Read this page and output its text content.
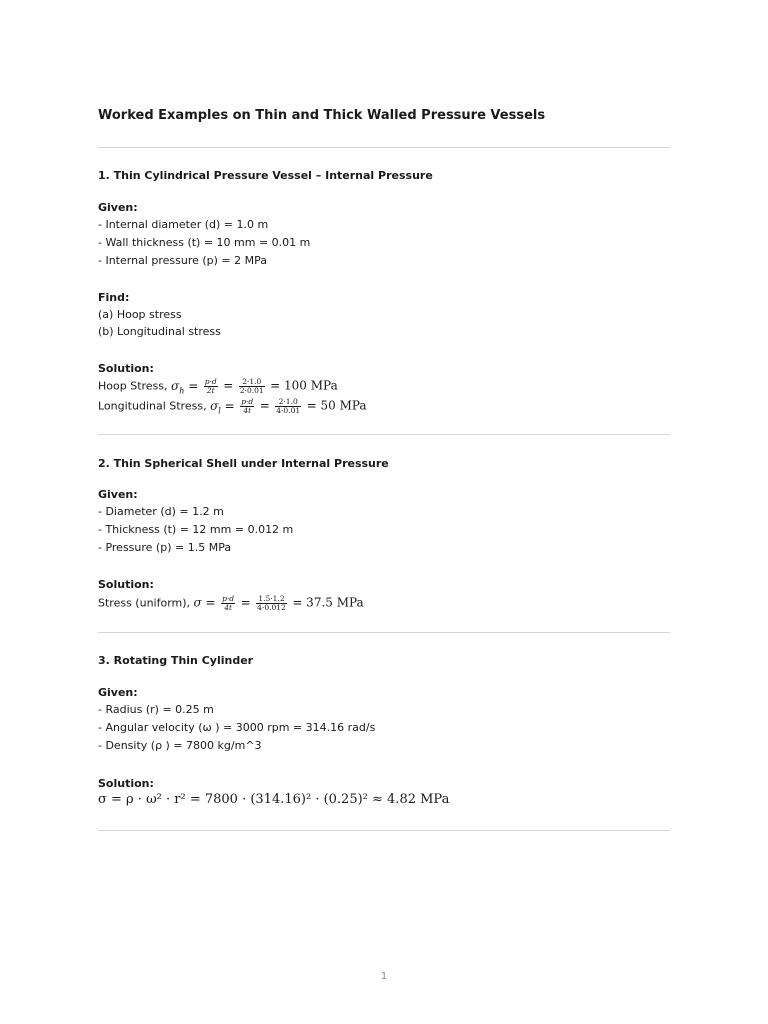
Worked Examples on Thin and Thick Walled Pressure Vessels
1. Thin Cylindrical Pressure Vessel – Internal Pressure
Given:
- Internal diameter (d) = 1.0 m
- Wall thickness (t) = 10 mm = 0.01 m
- Internal pressure (p) = 2 MPa
Find:
(a) Hoop stress
(b) Longitudinal stress
Solution:
Hoop Stress, $\sigma_h = \frac{p\cdot d}{2t} = \frac{2\cdot 1.0}{2\cdot 0.01} = 100$ MPa
Longitudinal Stress, $\sigma_l = \frac{p\cdot d}{4t} = \frac{2\cdot 1.0}{4\cdot 0.01} = 50$ MPa
2. Thin Spherical Shell under Internal Pressure
Given:
- Diameter (d) = 1.2 m
- Thickness (t) = 12 mm = 0.012 m
- Pressure (p) = 1.5 MPa
Solution:
Stress (uniform), $\sigma = \frac{p\cdot d}{4t} = \frac{1.5\cdot 1.2}{4\cdot 0.012} = 37.5$ MPa
3. Rotating Thin Cylinder
Given:
- Radius (r) = 0.25 m
- Angular velocity (ω ) = 3000 rpm = 314.16 rad/s
- Density (ρ ) = 7800 kg/m^3
Solution:
σ = ρ · ω² · r² = 7800 · (314.16)² · (0.25)² ≈ 4.82 MPa
1
